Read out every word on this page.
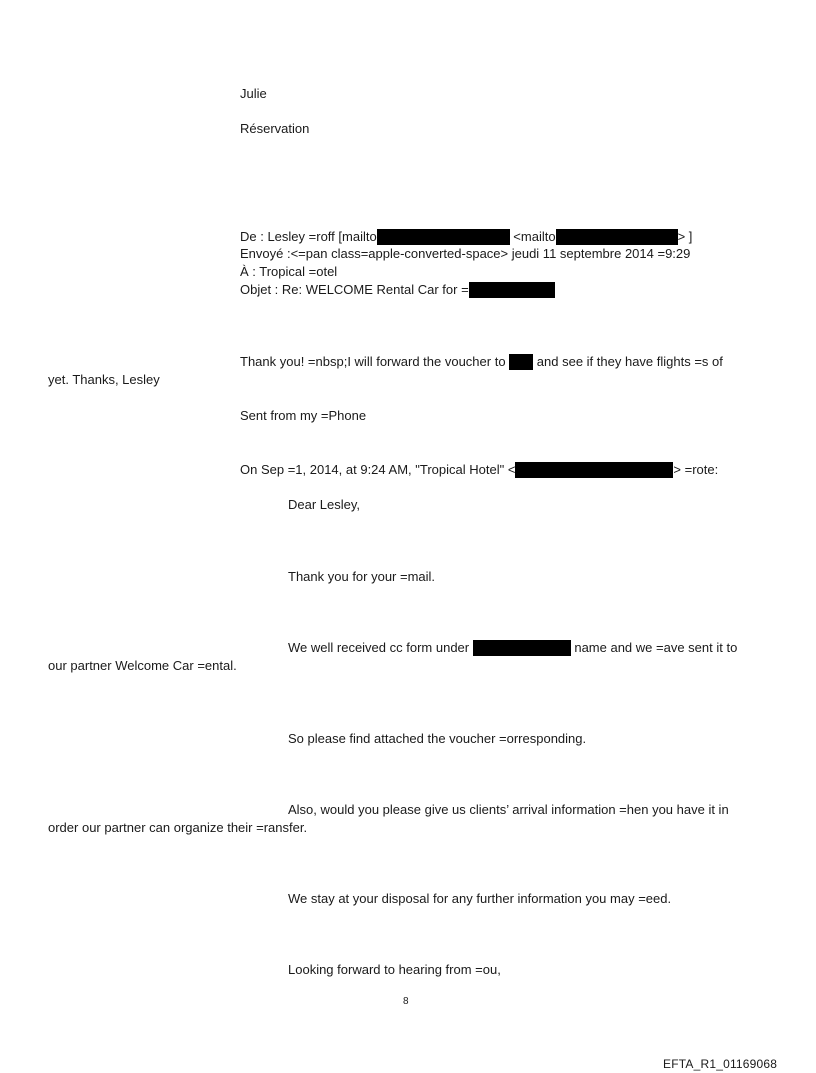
Julie
Réservation
De : Lesley =roff [mailto	<mailto	> ]
Envoyé :<=pan class=apple-converted-space> jeudi 11 septembre 2014 =9:29
À : Tropical =otel
Objet : Re: WELCOME Rental Car for =
Thank you! =nbsp;I will forward the voucher to  and see if they have flights =s of
yet. Thanks, Lesley
Sent from my =Phone
On Sep =1, 2014, at 9:24 AM, "Tropical Hotel" <	> =rote:
Dear Lesley,
Thank you for your =mail.
We well received cc form under	name and we =ave sent it to
our partner Welcome Car =ental.
So please find attached the voucher =orresponding.
Also, would you please give us clients’ arrival information =hen you have it in
order our partner can organize their =ransfer.
We stay at your disposal for any further information you may =eed.
Looking forward to hearing from =ou,
8
EFTA_R1_01169068
